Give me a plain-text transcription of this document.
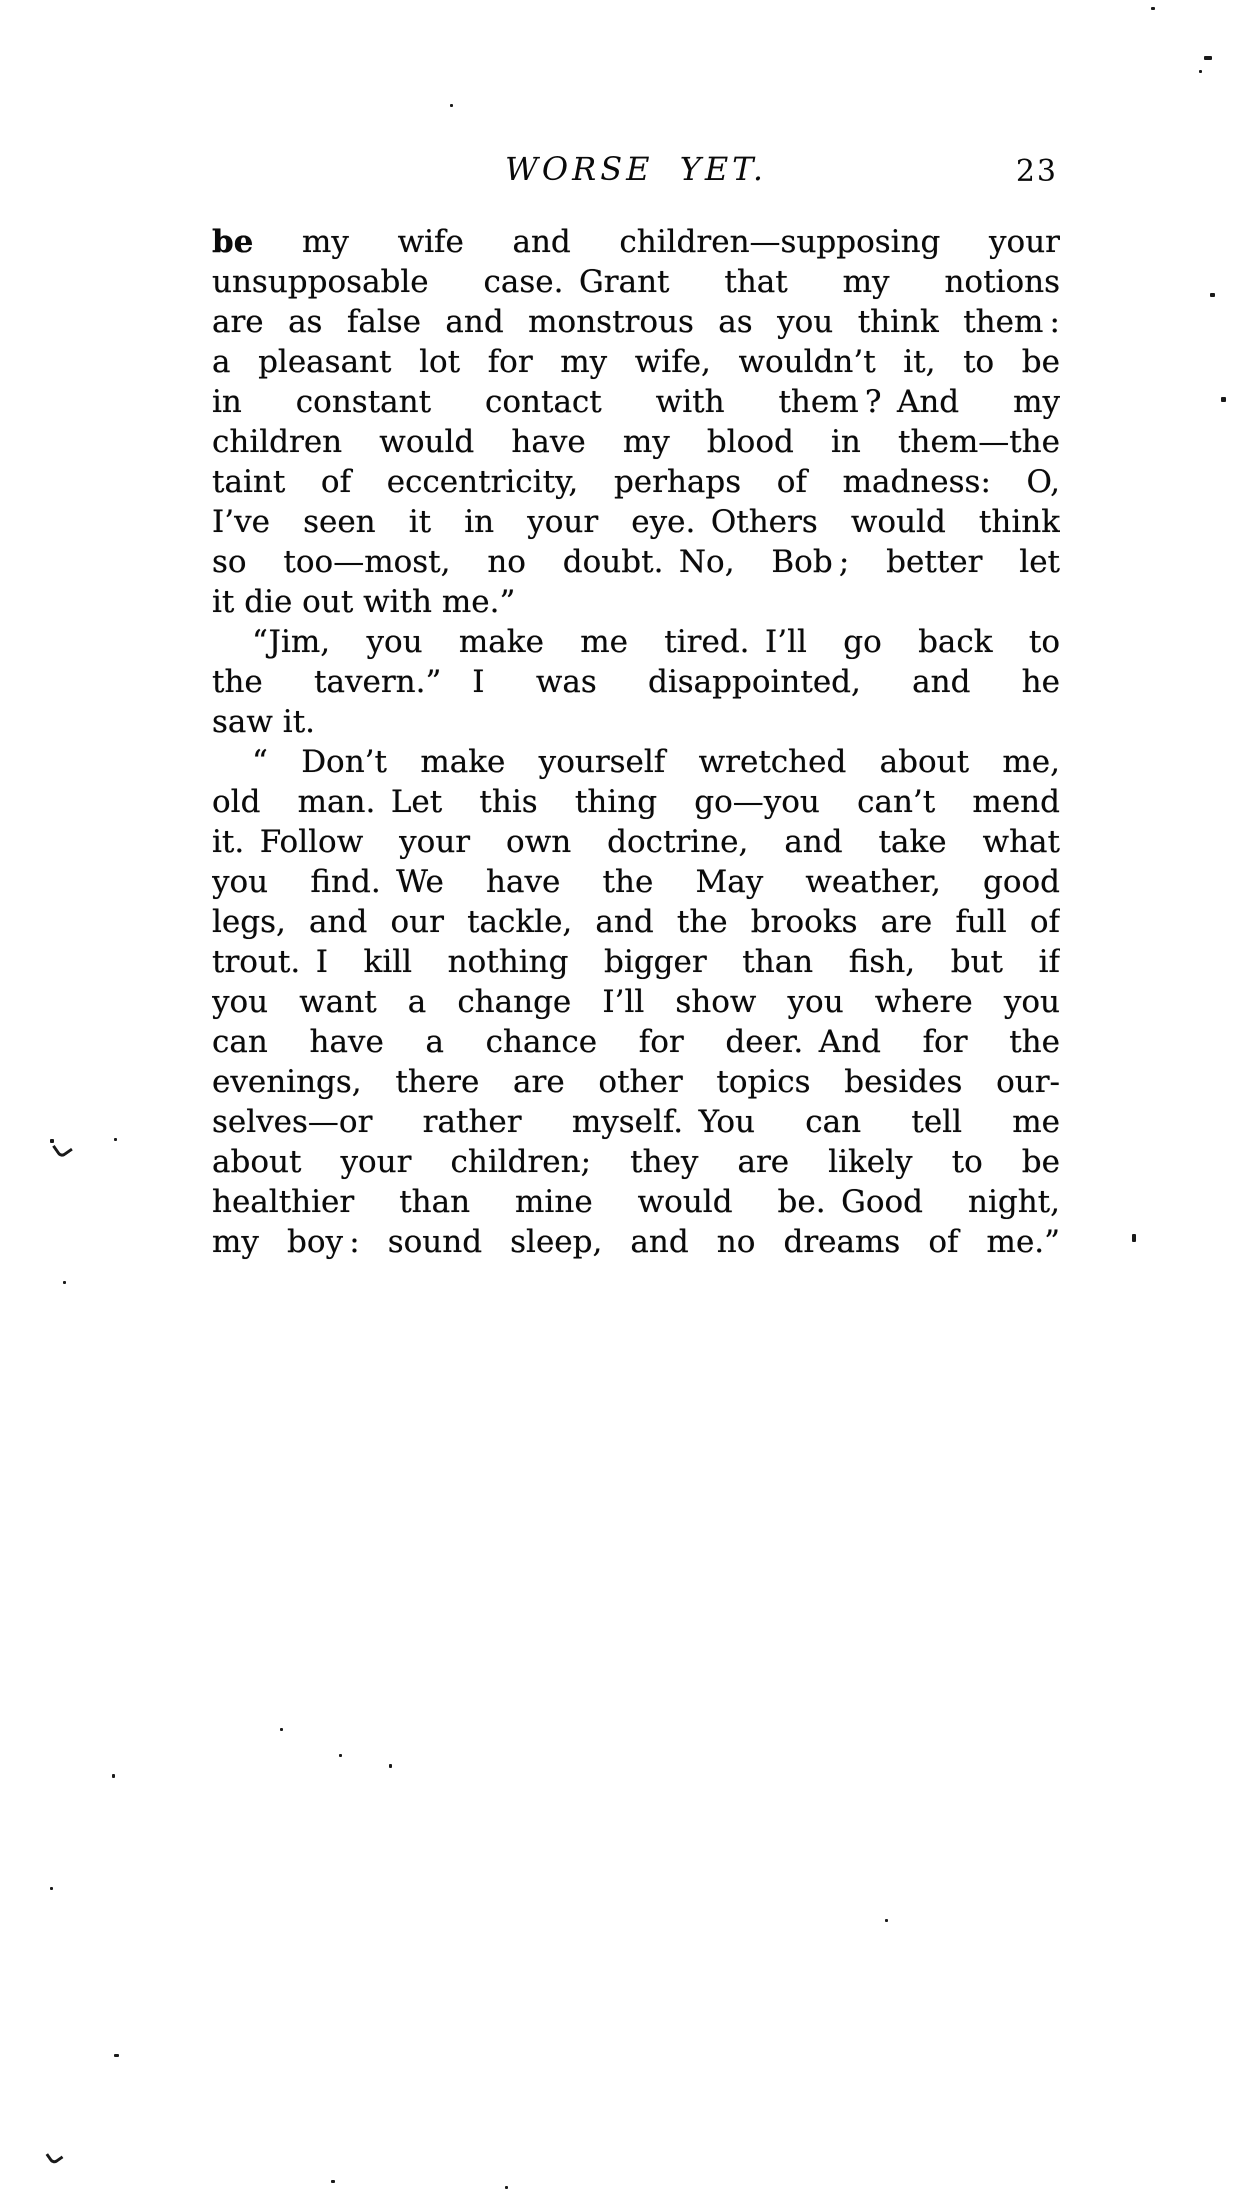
WORSE YET.	23
be my wife and children—supposing your
unsupposable case. Grant that my notions
are as false and monstrous as you think them :
a pleasant lot for my wife, wouldn’t it, to be
in constant contact with them ? And my
children would have my blood in them—the
taint of eccentricity, perhaps of madness: O,
I’ve seen it in your eye. Others would think
so too—most, no doubt. No, Bob ; better let
it die out with me.”
“Jim, you make me tired. I’ll go back to
the tavern.”  I was disappointed, and he
saw it.
“ Don’t make yourself wretched about me,
old man. Let this thing go—you can’t mend
it. Follow your own doctrine, and take what
you find. We have the May weather, good
legs, and our tackle, and the brooks are full of
trout. I kill nothing bigger than fish, but if
you want a change I’ll show you where you
can have a chance for deer. And for the
evenings, there are other topics besides our-
selves—or rather myself. You can tell me
about your children; they are likely to be
healthier than mine would be. Good night,
my boy : sound sleep, and no dreams of me.”
